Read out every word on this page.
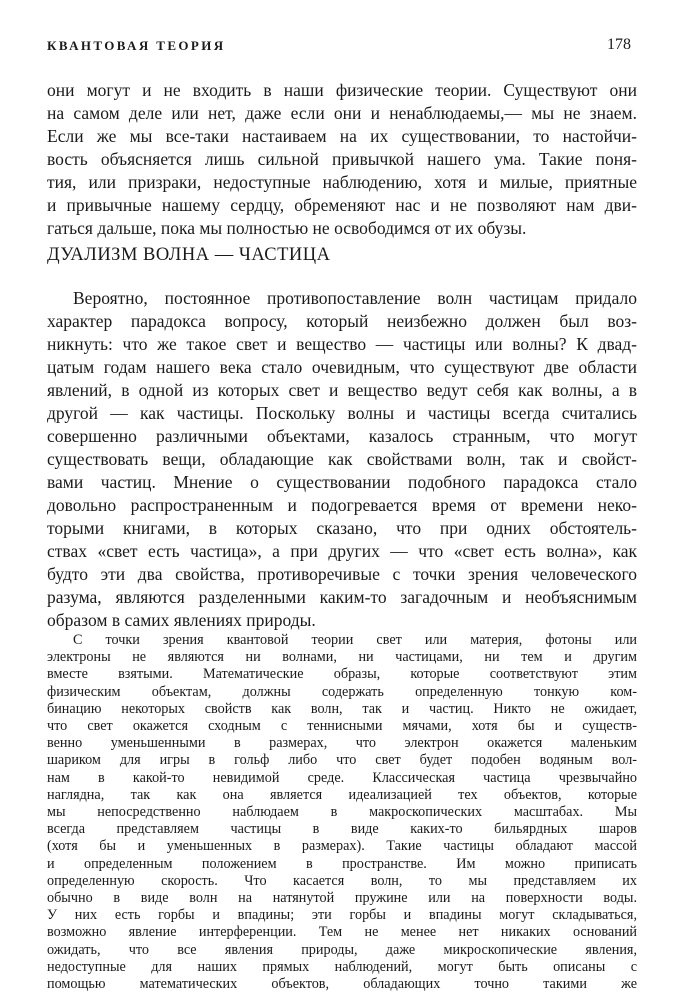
КВАНТОВАЯ ТЕОРИЯ	178
они могут и не входить в наши физические теории. Существуют они
на самом деле или нет, даже если они и ненаблюдаемы,— мы не знаем.
Если же мы все-таки настаиваем на их существовании, то настойчи-
вость объясняется лишь сильной привычкой нашего ума. Такие поня-
тия, или призраки, недоступные наблюдению, хотя и милые, приятные
и привычные нашему сердцу, обременяют нас и не позволяют нам дви-
гаться дальше, пока мы полностью не освободимся от их обузы.
ДУАЛИЗМ ВОЛНА — ЧАСТИЦА
Вероятно, постоянное противопоставление волн частицам придало
характер парадокса вопросу, который неизбежно должен был воз-
никнуть: что же такое свет и вещество — частицы или волны? К двад-
цатым годам нашего века стало очевидным, что существуют две области
явлений, в одной из которых свет и вещество ведут себя как волны, а в
другой — как частицы. Поскольку волны и частицы всегда считались
совершенно различными объектами, казалось странным, что могут
существовать вещи, обладающие как свойствами волн, так и свойст-
вами частиц. Мнение о существовании подобного парадокса стало
довольно распространенным и подогревается время от времени неко-
торыми книгами, в которых сказано, что при одних обстоятель-
ствах «свет есть частица», а при других — что «свет есть волна», как
будто эти два свойства, противоречивые с точки зрения человеческого
разума, являются разделенными каким-то загадочным и необъяснимым
образом в самих явлениях природы.
С точки зрения квантовой теории свет или материя, фотоны или
электроны не являются ни волнами, ни частицами, ни тем и другим
вместе взятыми. Математические образы, которые соответствуют этим
физическим объектам, должны содержать определенную тонкую ком-
бинацию некоторых свойств как волн, так и частиц. Никто не ожидает,
что свет окажется сходным с теннисными мячами, хотя бы и существ-
венно уменьшенными в размерах, что электрон окажется маленьким
шариком для игры в гольф либо что свет будет подобен водяным вол-
нам в какой-то невидимой среде. Классическая частица чрезвычайно
наглядна, так как она является идеализацией тех объектов, которые
мы непосредственно наблюдаем в макроскопических масштабах. Мы
всегда представляем частицы в виде каких-то бильярдных шаров
(хотя бы и уменьшенных в размерах). Такие частицы обладают массой
и определенным положением в пространстве. Им можно приписать
определенную скорость. Что касается волн, то мы представляем их
обычно в виде волн на натянутой пружине или на поверхности воды.
У них есть горбы и впадины; эти горбы и впадины могут складываться,
возможно явление интерференции. Тем не менее нет никаких оснований
ожидать, что все явления природы, даже микроскопические явления,
недоступные для наших прямых наблюдений, могут быть описаны с
помощью математических объектов, обладающих точно такими же
